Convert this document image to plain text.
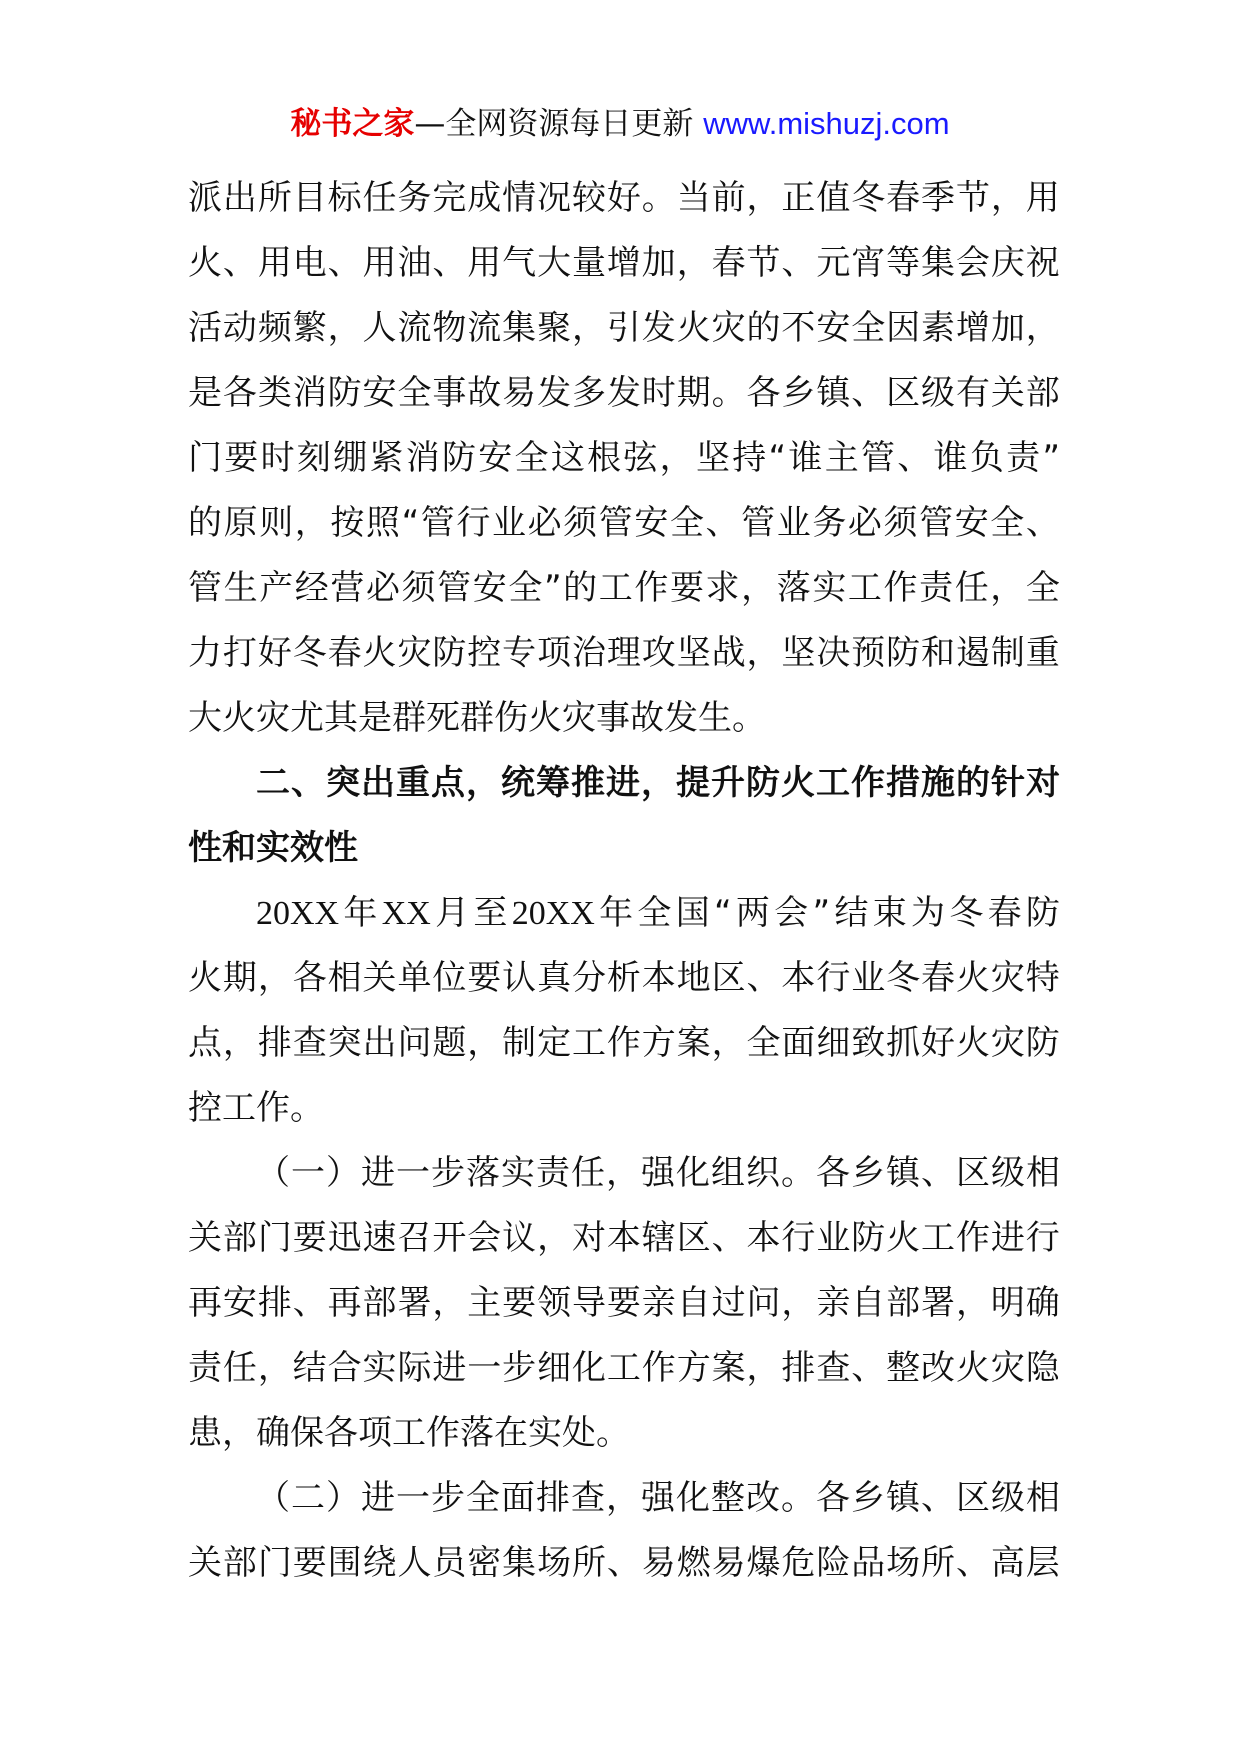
秘书之家—全网资源每日更新 www.mishuzj.com
派 出 所 目 标 任 务 完 成 情 况 较 好 。 当 前 ， 正 值 冬 春 季 节 ， 用
火 、 用 电 、 用 油 、 用 气 大 量 增 加 ， 春 节 、 元 宵 等 集 会 庆 祝
活 动 频 繁 ， 人 流 物 流 集 聚 ， 引 发 火 灾 的 不 安 全 因 素 增 加 ，
是 各 类 消 防 安 全 事 故 易 发 多 发 时 期 。 各 乡 镇 、 区 级 有 关 部
门 要 时 刻 绷 紧 消 防 安 全 这 根 弦 ， 坚 持 “ 谁 主 管 、 谁 负 责 ”
的 原 则 ， 按 照 “ 管 行 业 必 须 管 安 全 、 管 业 务 必 须 管 安 全 、
管 生 产 经 营 必 须 管 安 全 ” 的 工 作 要 求 ， 落 实 工 作 责 任 ， 全
力 打 好 冬 春 火 灾 防 控 专 项 治 理 攻 坚 战 ， 坚 决 预 防 和 遏 制 重
大火灾尤其是群死群伤火灾事故发生。
二 、 突 出 重 点 ， 统 筹 推 进 ， 提 升 防 火 工 作 措 施 的 针 对
性和实效性
20XX 年 XX 月 至 20XX 年 全 国 “ 两 会 ” 结 束 为 冬 春 防
火 期 ， 各 相 关 单 位 要 认 真 分 析 本 地 区 、 本 行 业 冬 春 火 灾 特
点 ， 排 查 突 出 问 题 ， 制 定 工 作 方 案 ， 全 面 细 致 抓 好 火 灾 防
控工作。
（ 一 ） 进 一 步 落 实 责 任 ， 强 化 组 织 。 各 乡 镇 、 区 级 相
关 部 门 要 迅 速 召 开 会 议 ， 对 本 辖 区 、 本 行 业 防 火 工 作 进 行
再 安 排 、 再 部 署 ， 主 要 领 导 要 亲 自 过 问 ， 亲 自 部 署 ， 明 确
责 任 ， 结 合 实 际 进 一 步 细 化 工 作 方 案 ， 排 查 、 整 改 火 灾 隐
患，确保各项工作落在实处。
（ 二 ） 进 一 步 全 面 排 查 ， 强 化 整 改 。 各 乡 镇 、 区 级 相
关 部 门 要 围 绕 人 员 密 集 场 所 、 易 燃 易 爆 危 险 品 场 所 、 高 层
